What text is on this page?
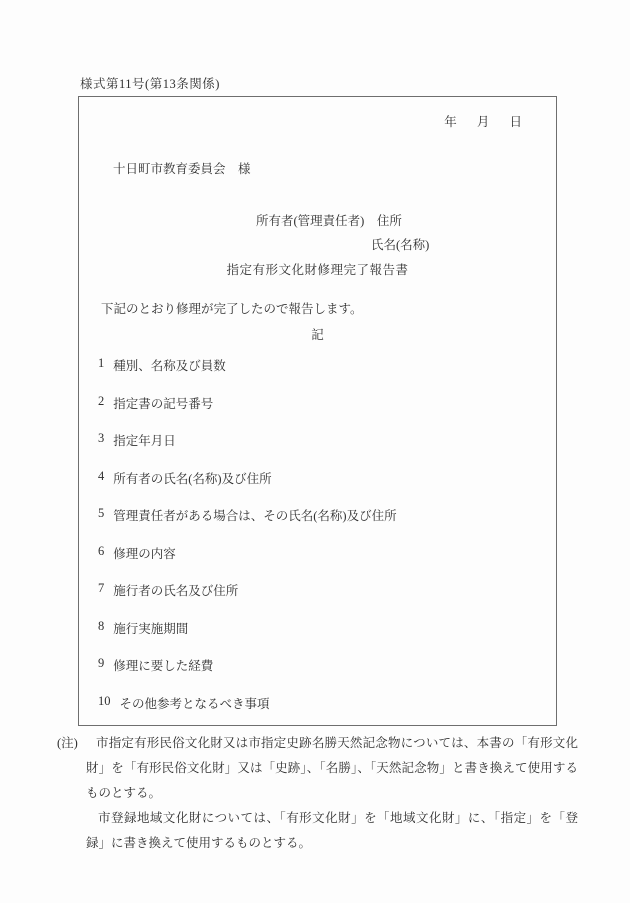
様式第11号(第13条関係)
年 月 日
十日町市教育委員会　様
所有者(管理責任者)　住所
氏名(名称)
指定有形文化財修理完了報告書
下記のとおり修理が完了したので報告します。
記
1 種別、名称及び員数
2 指定書の記号番号
3 指定年月日
4 所有者の氏名(名称)及び住所
5 管理責任者がある場合は、その氏名(名称)及び住所
6 修理の内容
7 施行者の氏名及び住所
8 施行実施期間
9 修理に要した経費
10 その他参考となるべき事項
(注)	市指定有形民俗文化財又は市指定史跡名勝天然記念物については、本書の「有形文化財」を「有形民俗文化財」又は「史跡」、「名勝」、「天然記念物」と書き換えて使用するものとする。

市登録地域文化財については、「有形文化財」を「地域文化財」に、「指定」を「登録」に書き換えて使用するものとする。
